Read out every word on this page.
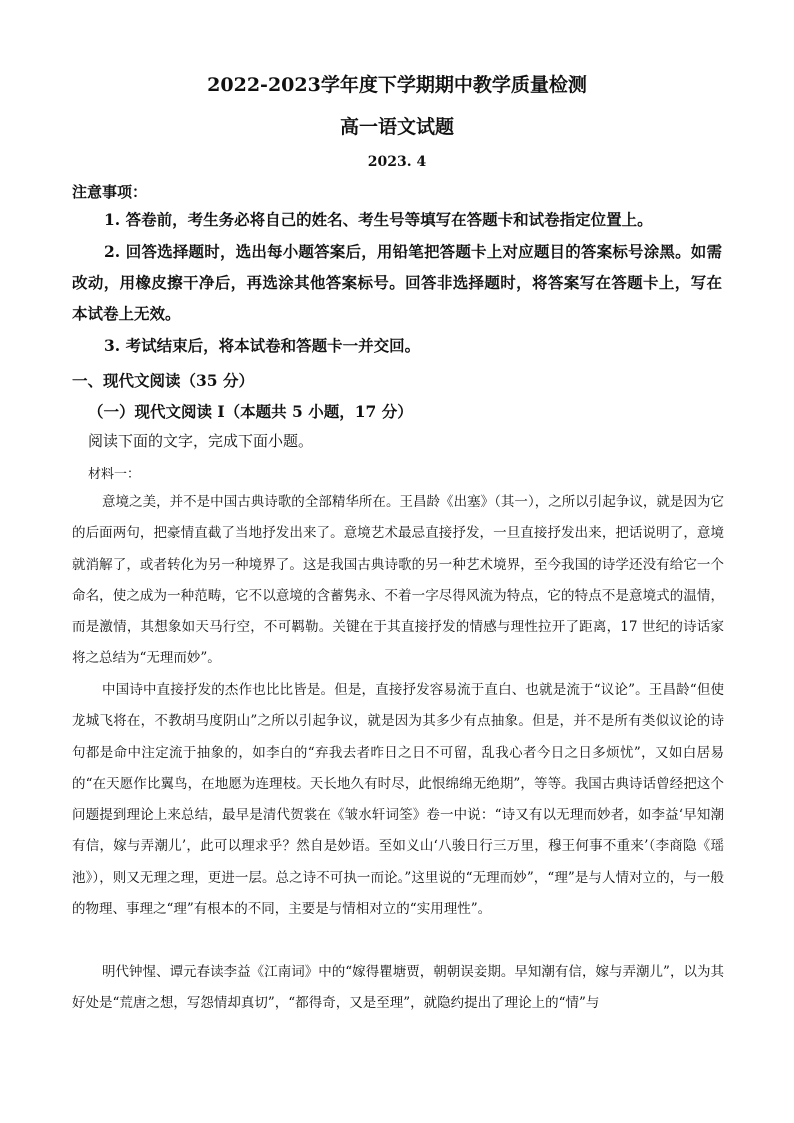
2022-2023学年度下学期期中教学质量检测
高一语文试题
2023. 4
注意事项：
1. 答卷前，考生务必将自己的姓名、考生号等填写在答题卡和试卷指定位置上。
2. 回答选择题时，选出每小题答案后，用铅笔把答题卡上对应题目的答案标号涂黑。如需改动，用橡皮擦干净后，再选涂其他答案标号。回答非选择题时，将答案写在答题卡上，写在本试卷上无效。
3. 考试结束后，将本试卷和答题卡一并交回。
一、现代文阅读（35 分）
（一）现代文阅读 I（本题共 5 小题，17 分）
阅读下面的文字，完成下面小题。
材料一：
意境之美，并不是中国古典诗歌的全部精华所在。王昌龄《出塞》（其一），之所以引起争议，就是因为它的后面两句，把豪情直截了当地抒发出来了。意境艺术最忌直接抒发，一旦直接抒发出来，把话说明了，意境就消解了，或者转化为另一种境界了。这是我国古典诗歌的另一种艺术境界，至今我国的诗学还没有给它一个命名，使之成为一种范畴，它不以意境的含蓄隽永、不着一字尽得风流为特点，它的特点不是意境式的温情，而是激情，其想象如天马行空，不可羁勒。关键在于其直接抒发的情感与理性拉开了距离，17 世纪的诗话家将之总结为“无理而妙”。
中国诗中直接抒发的杰作也比比皆是。但是，直接抒发容易流于直白、也就是流于“议论”。王昌龄“但使龙城飞将在，不教胡马度阴山”之所以引起争议，就是因为其多少有点抽象。但是，并不是所有类似议论的诗句都是命中注定流于抽象的，如李白的“弃我去者昨日之日不可留，乱我心者今日之日多烦忧”，又如白居易的“在天愿作比翼鸟，在地愿为连理枝。天长地久有时尽，此恨绵绵无绝期”，等等。我国古典诗话曾经把这个问题提到理论上来总结，最早是清代贺裳在《皱水轩词筌》卷一中说：“诗又有以无理而妙者，如李益‘早知潮有信，嫁与弄潮儿’，此可以理求乎？然自是妙语。至如义山‘八骏日行三万里，穆王何事不重来’（李商隐《瑶池》），则又无理之理，更进一层。总之诗不可执一而论。”这里说的“无理而妙”，“理”是与人情对立的，与一般的物理、事理之“理”有根本的不同，主要是与情相对立的“实用理性”。
明代钟惺、谭元春读李益《江南词》中的“嫁得瞿塘贾，朝朝误妾期。早知潮有信，嫁与弄潮儿”，以为其好处是“荒唐之想，写怨情却真切”，“都得奇，又是至理”，就隐约提出了理论上的“情”与
